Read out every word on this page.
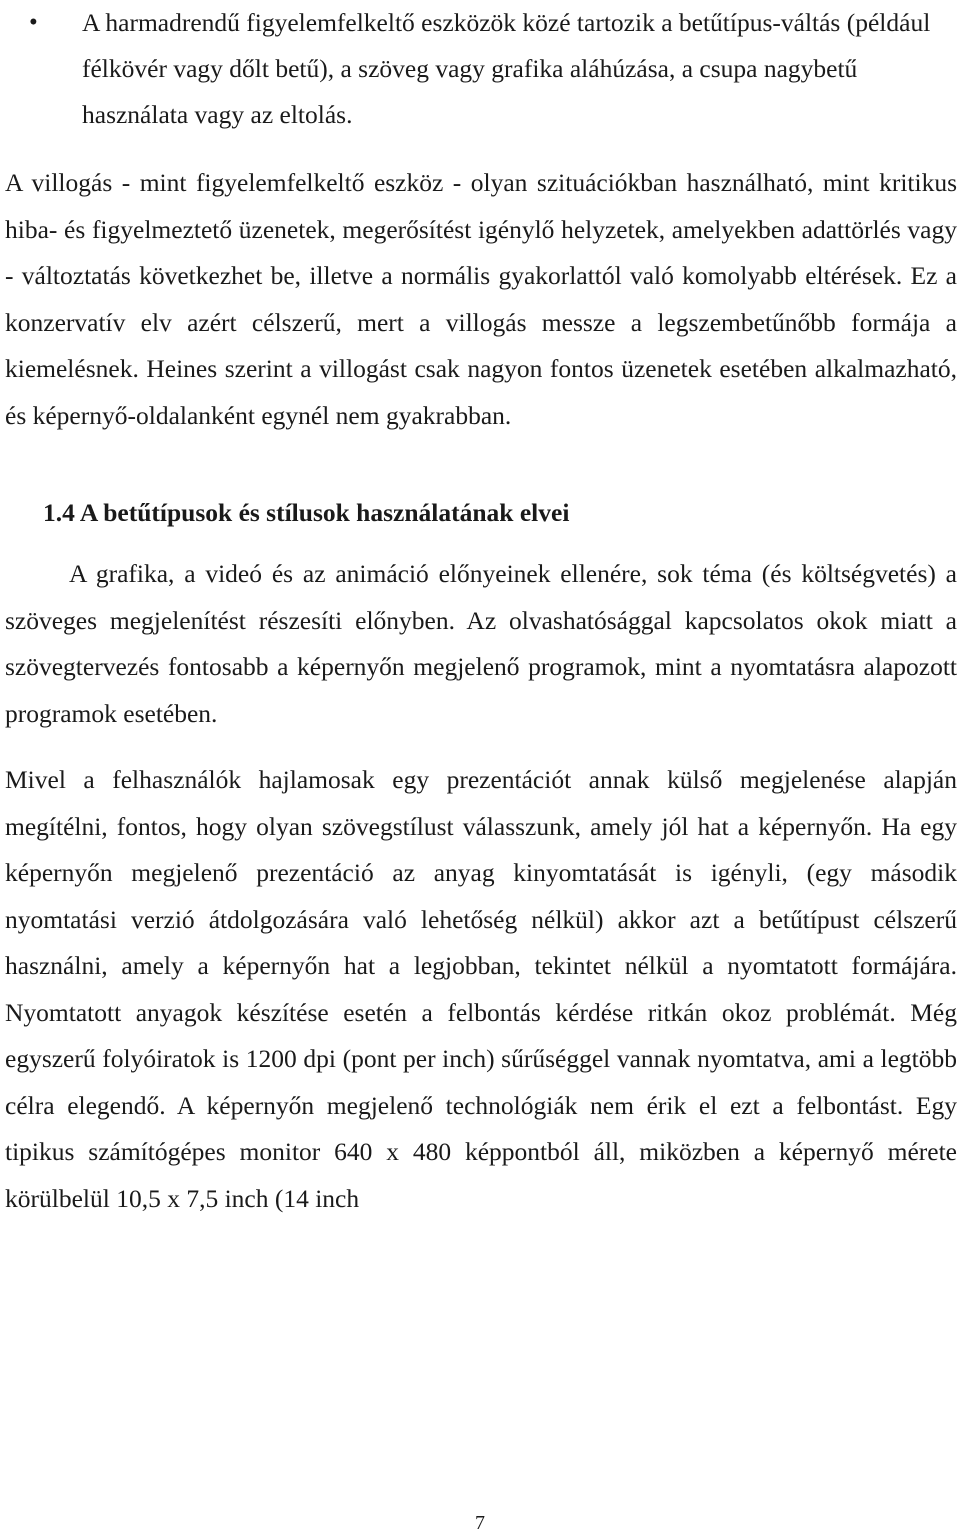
• A harmadrendű figyelemfelkeltő eszközök közé tartozik a betűtípus-váltás (például félkövér vagy dőlt betű), a szöveg vagy grafika aláhúzása, a csupa nagybetű használata vagy az eltolás.

A villogás - mint figyelemfelkeltő eszköz - olyan szituációkban használható, mint kritikus hiba- és figyelmeztető üzenetek, megerősítést igénylő helyzetek, amelyekben adattörlés vagy - változtatás következhet be, illetve a normális gyakorlattól való komolyabb eltérések. Ez a konzervatív elv azért célszerű, mert a villogás messze a legszembetűnőbb formája a kiemelésnek. Heines szerint a villogást csak nagyon fontos üzenetek esetében alkalmazható, és képernyő-oldalanként egynél nem gyakrabban.

1.4 A betűtípusok és stílusok használatának elvei

A grafika, a videó és az animáció előnyeinek ellenére, sok téma (és költségvetés) a szöveges megjelenítést részesíti előnyben. Az olvashatósággal kapcsolatos okok miatt a szövegtervezés fontosabb a képernyőn megjelenő programok, mint a nyomtatásra alapozott programok esetében.

Mivel a felhasználók hajlamosak egy prezentációt annak külső megjelenése alapján megítélni, fontos, hogy olyan szövegstílust válasszunk, amely jól hat a képernyőn. Ha egy képernyőn megjelenő prezentáció az anyag kinyomtatását is igényli, (egy második nyomtatási verzió átdolgozására való lehetőség nélkül) akkor azt a betűtípust célszerű használni, amely a képernyőn hat a legjobban, tekintet nélkül a nyomtatott formájára. Nyomtatott anyagok készítése esetén a felbontás kérdése ritkán okoz problémát. Még egyszerű folyóiratok is 1200 dpi (pont per inch) sűrűséggel vannak nyomtatva, ami a legtöbb célra elegendő. A képernyőn megjelenő technológiák nem érik el ezt a felbontást. Egy tipikus számítógépes monitor 640 x 480 képpontból áll, miközben a képernyő mérete körülbelül 10,5 x 7,5 inch (14 inch

7
